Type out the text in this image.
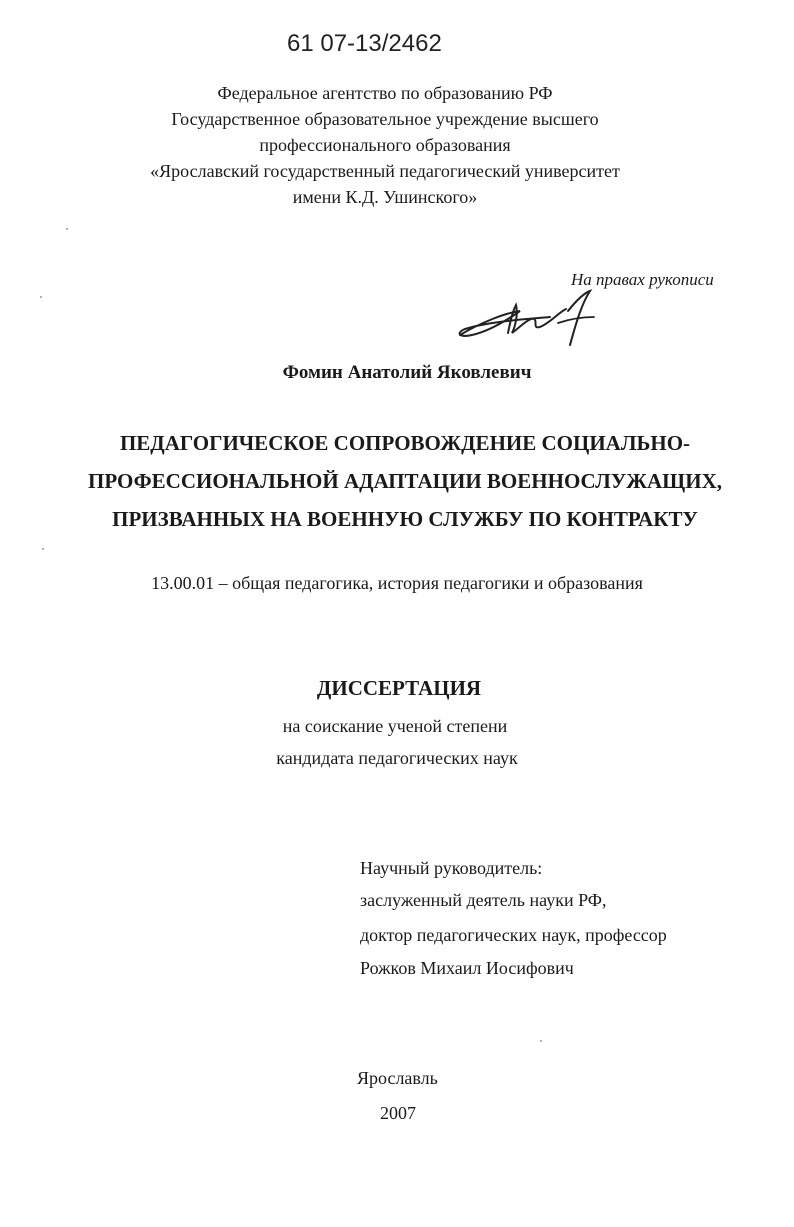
61 07-13/2462
Федеральное агентство по образованию РФ
Государственное образовательное учреждение высшего
профессионального образования
«Ярославский государственный педагогический университет
имени К.Д. Ушинского»
На правах рукописи
Фомин Анатолий Яковлевич
ПЕДАГОГИЧЕСКОЕ СОПРОВОЖДЕНИЕ СОЦИАЛЬНО-
ПРОФЕССИОНАЛЬНОЙ АДАПТАЦИИ ВОЕННОСЛУЖАЩИХ,
ПРИЗВАННЫХ НА ВОЕННУЮ СЛУЖБУ ПО КОНТРАКТУ
13.00.01 – общая педагогика, история педагогики и образования
ДИССЕРТАЦИЯ
на соискание ученой степени
кандидата педагогических наук
Научный руководитель:
заслуженный деятель науки РФ,
доктор педагогических наук, профессор
Рожков Михаил Иосифович
Ярославль
2007
